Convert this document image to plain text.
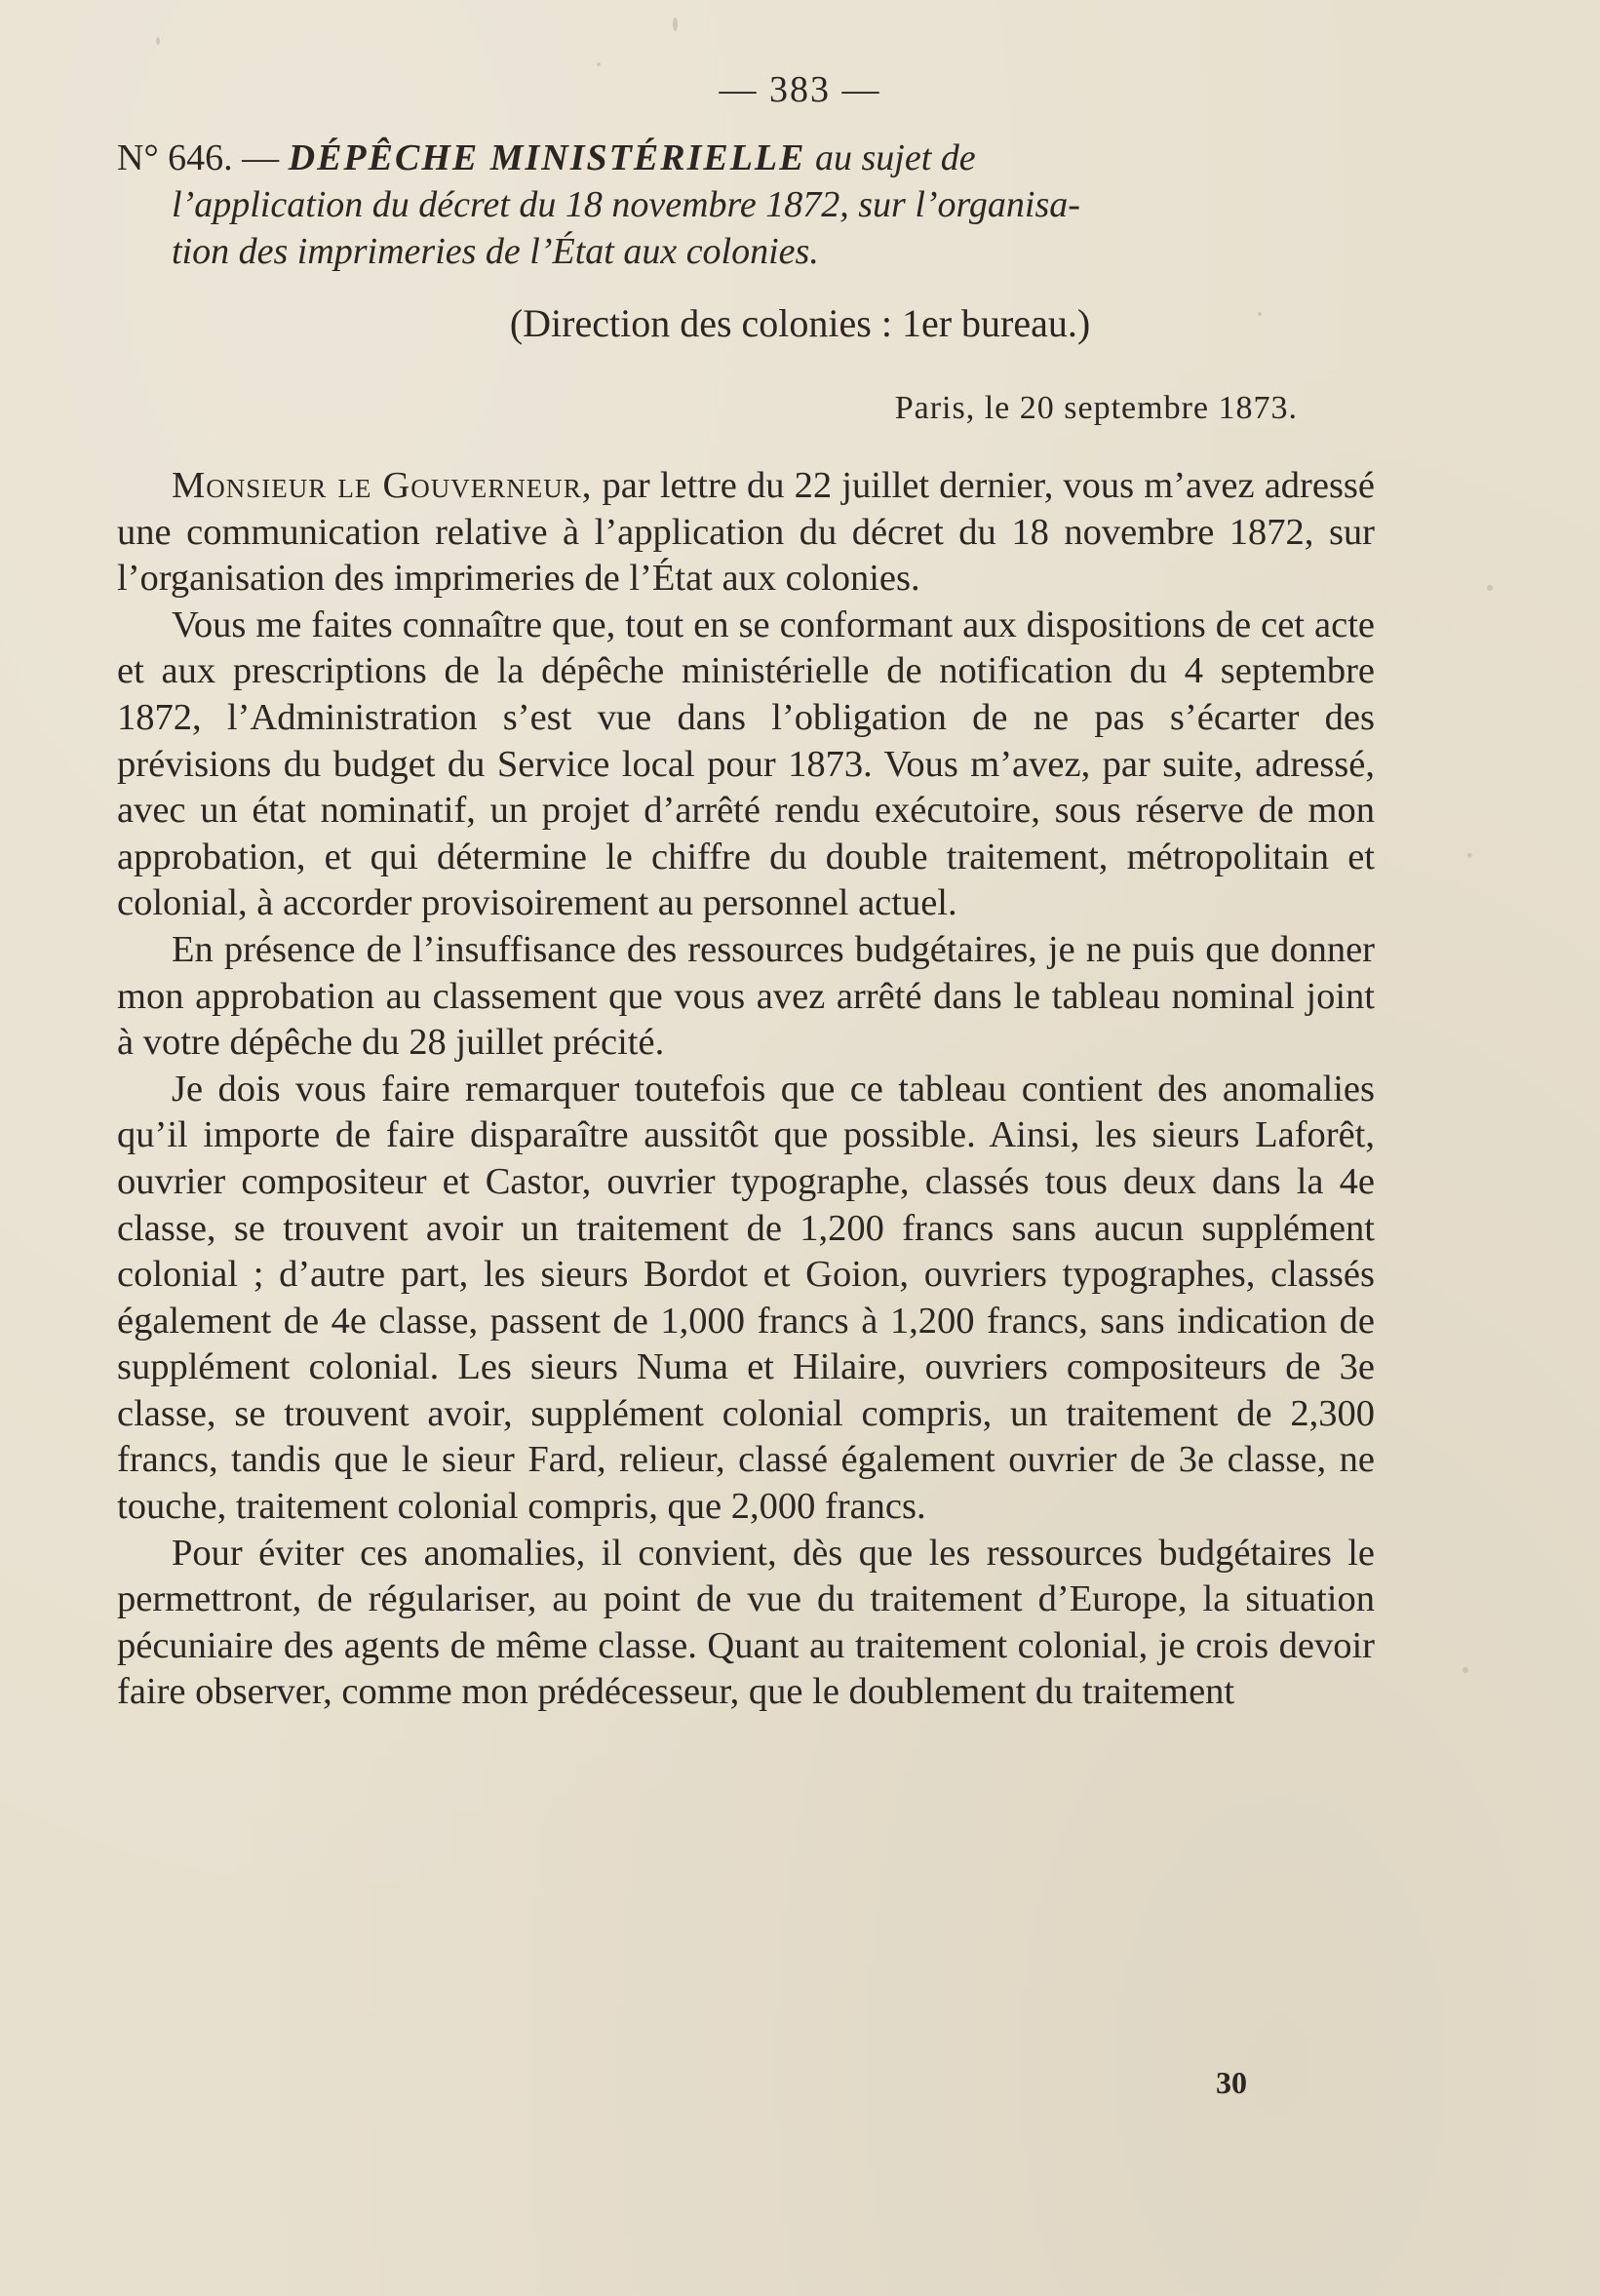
— 383 —
N° 646. — DÉPÊCHE MINISTÉRIELLE au sujet de
l’application du décret du 18 novembre 1872, sur l’organisa-
tion des imprimeries de l’État aux colonies.
(Direction des colonies : 1er bureau.)
Paris, le 20 septembre 1873.

Monsieur le Gouverneur, par lettre du 22 juillet dernier, vous m’avez adressé une communication relative à l’application du décret du 18 novembre 1872, sur l’organisation des imprimeries de l’État aux colonies.

Vous me faites connaître que, tout en se conformant aux dispositions de cet acte et aux prescriptions de la dépêche ministérielle de notification du 4 septembre 1872, l’Administration s’est vue dans l’obligation de ne pas s’écarter des prévisions du budget du Service local pour 1873. Vous m’avez, par suite, adressé, avec un état nominatif, un projet d’arrêté rendu exécutoire, sous réserve de mon approbation, et qui détermine le chiffre du double traitement, métropolitain et colonial, à accorder provisoirement au personnel actuel.

En présence de l’insuffisance des ressources budgétaires, je ne puis que donner mon approbation au classement que vous avez arrêté dans le tableau nominal joint à votre dépêche du 28 juillet précité.

Je dois vous faire remarquer toutefois que ce tableau contient des anomalies qu’il importe de faire disparaître aussitôt que possible. Ainsi, les sieurs Laforêt, ouvrier compositeur et Castor, ouvrier typographe, classés tous deux dans la 4e classe, se trouvent avoir un traitement de 1,200 francs sans aucun supplément colonial ; d’autre part, les sieurs Bordot et Goion, ouvriers typographes, classés également de 4e classe, passent de 1,000 francs à 1,200 francs, sans indication de supplément colonial. Les sieurs Numa et Hilaire, ouvriers compositeurs de 3e classe, se trouvent avoir, supplément colonial compris, un traitement de 2,300 francs, tandis que le sieur Fard, relieur, classé également ouvrier de 3e classe, ne touche, traitement colonial compris, que 2,000 francs.

Pour éviter ces anomalies, il convient, dès que les ressources budgétaires le permettront, de régulariser, au point de vue du traitement d’Europe, la situation pécuniaire des agents de même classe. Quant au traitement colonial, je crois devoir faire observer, comme mon prédécesseur, que le doublement du traitement

30
